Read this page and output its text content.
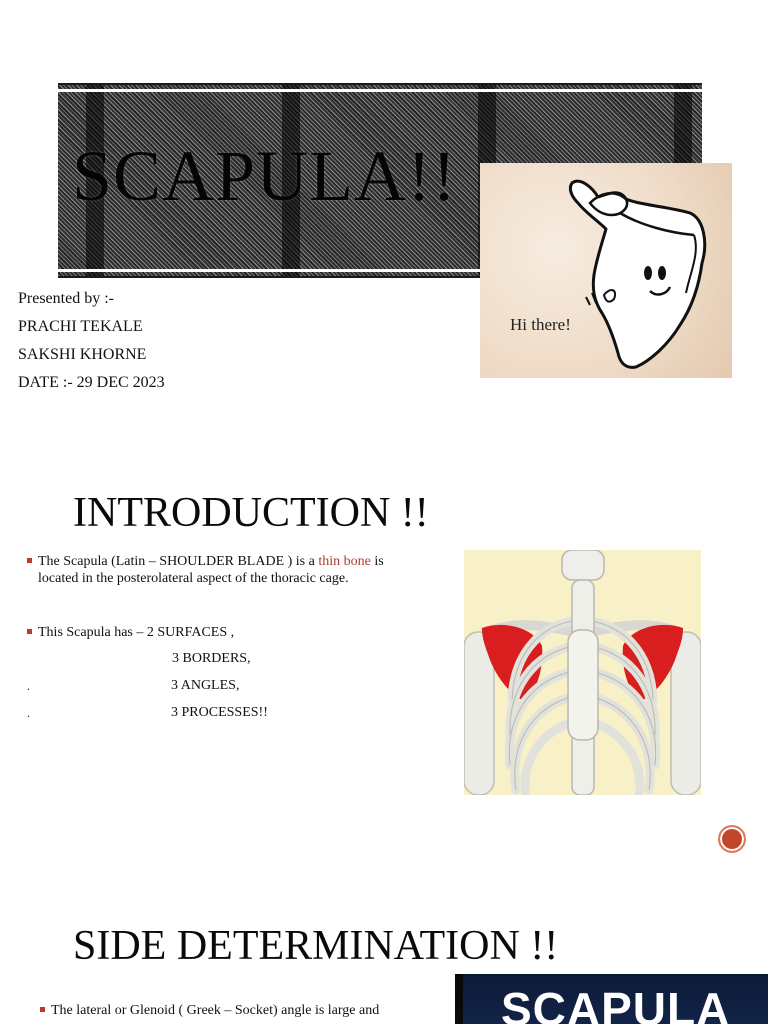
SCAPULA!!
Hi there!
Presented by :-
PRACHI TEKALE
SAKSHI KHORNE
DATE :- 29 DEC 2023
INTRODUCTION !!
The Scapula (Latin – SHOULDER BLADE ) is a thin bone is
located in the posterolateral aspect of the thoracic cage.
This Scapula has – 2 SURFACES ,
3 BORDERS,
.	3 ANGLES,
.	3 PROCESSES!!
SIDE DETERMINATION !!
The lateral or Glenoid ( Greek – Socket) angle is large and	SCAPULA
